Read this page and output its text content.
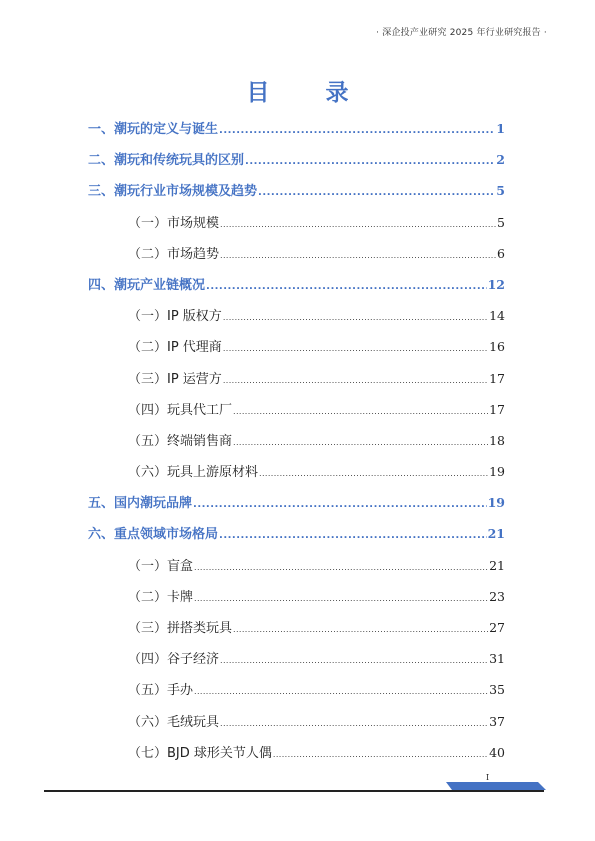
· 深企投产业研究 2025 年行业研究报告 ·
目 录
一、潮玩的定义与诞生 .....	1
二、潮玩和传统玩具的区别 .....	2
三、潮玩行业市场规模及趋势 .....	5
（一）市场规模 .....	5
（二）市场趋势 .....	6
四、潮玩产业链概况 .....	12
（一）IP 版权方 .....	14
（二）IP 代理商 .....	16
（三）IP 运营方 .....	17
（四）玩具代工厂 .....	17
（五）终端销售商 .....	18
（六）玩具上游原材料 .....	19
五、国内潮玩品牌 .....	19
六、重点领域市场格局 .....	21
（一）盲盒 .....	21
（二）卡牌 .....	23
（三）拼搭类玩具 .....	27
（四）谷子经济 .....	31
（五）手办 .....	35
（六）毛绒玩具 .....	37
（七）BJD 球形关节人偶 .....	40
I
